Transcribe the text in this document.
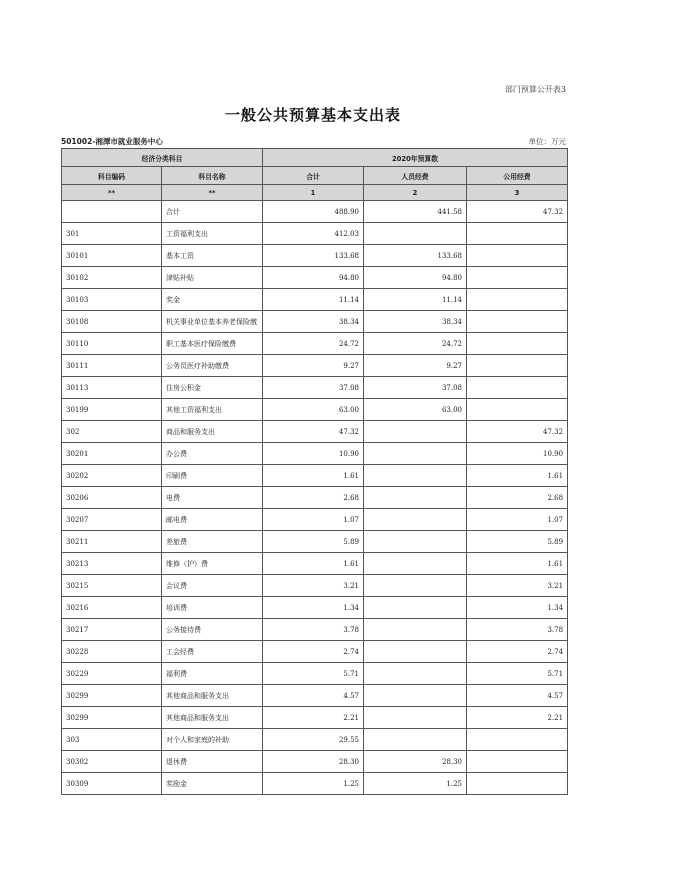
部门预算公开表3
一般公共预算基本支出表
501002-湘潭市就业服务中心	单位：万元
经济分类科目		2020年预算数		
科目编码	科目名称	合计	人员经费	公用经费
**	**	1	2	3
	合计	488.90	441.58	47.32
301	工资福利支出	412.03		
30101	基本工资	133.68	133.68	
30102	津贴补贴	94.80	94.80	
30103	奖金	11.14	11.14	
30108	机关事业单位基本养老保险缴	38.34	38.34	
30110	职工基本医疗保险缴费	24.72	24.72	
30111	公务员医疗补助缴费	9.27	9.27	
30113	住房公积金	37.08	37.08	
30199	其他工资福利支出	63.00	63.00	
302	商品和服务支出	47.32		47.32
30201	办公费	10.90		10.90
30202	印刷费	1.61		1.61
30206	电费	2.68		2.68
30207	邮电费	1.07		1.07
30211	差旅费	5.89		5.89
30213	维修（护）费	1.61		1.61
30215	会议费	3.21		3.21
30216	培训费	1.34		1.34
30217	公务接待费	3.78		3.78
30228	工会经费	2.74		2.74
30229	福利费	5.71		5.71
30299	其他商品和服务支出	4.57		4.57
30299	其他商品和服务支出	2.21		2.21
303	对个人和家庭的补助	29.55		
30302	退休费	28.30	28.30	
30309	奖励金	1.25	1.25	
